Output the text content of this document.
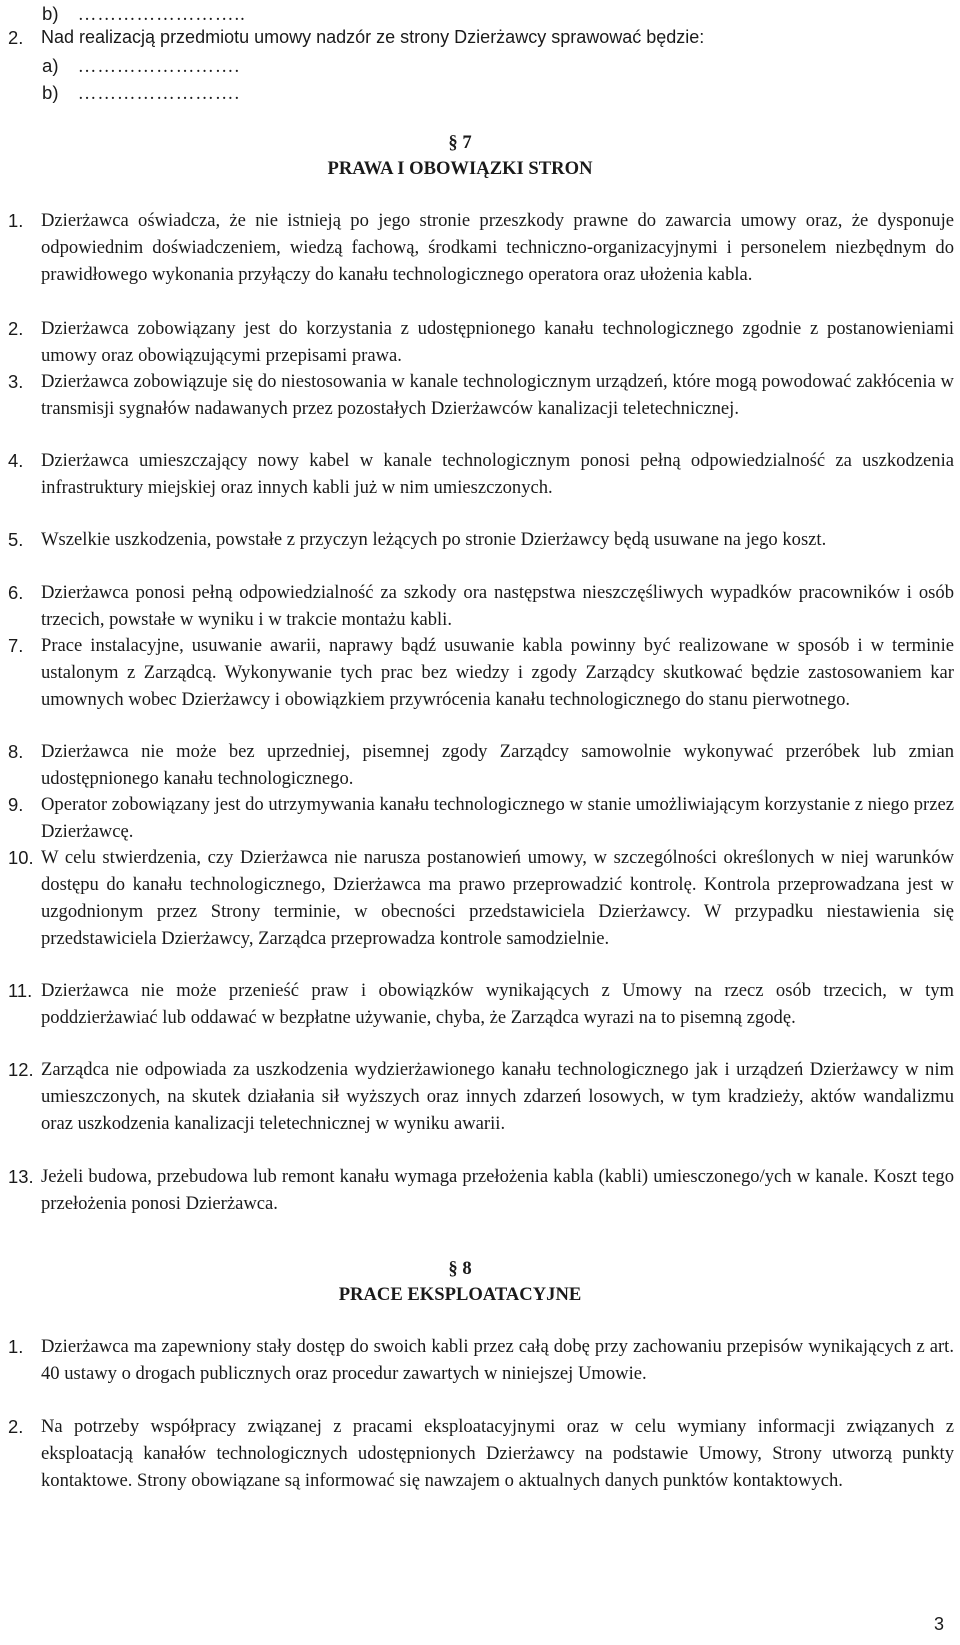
b) ……………………..
2. Nad realizacją przedmiotu umowy nadzór ze strony Dzierżawcy sprawować będzie:
a) …………………….
b) …………………….
§ 7
PRAWA I OBOWIĄZKI STRON
1. Dzierżawca oświadcza, że nie istnieją po jego stronie przeszkody prawne do zawarcia umowy oraz, że dysponuje odpowiednim doświadczeniem, wiedzą fachową, środkami techniczno-organizacyjnymi i personelem niezbędnym do prawidłowego wykonania przyłączy do kanału technologicznego operatora oraz ułożenia kabla.
2. Dzierżawca zobowiązany jest do korzystania z udostępnionego kanału technologicznego zgodnie z postanowieniami umowy oraz obowiązującymi przepisami prawa.
3. Dzierżawca zobowiązuje się do niestosowania w kanale technologicznym urządzeń, które mogą powodować zakłócenia w transmisji sygnałów nadawanych przez pozostałych Dzierżawców kanalizacji teletechnicznej.
4. Dzierżawca umieszczający nowy kabel w kanale technologicznym ponosi pełną odpowiedzialność za uszkodzenia infrastruktury miejskiej oraz innych kabli już w nim umieszczonych.
5. Wszelkie uszkodzenia, powstałe z przyczyn leżących po stronie Dzierżawcy będą usuwane na jego koszt.
6. Dzierżawca ponosi pełną odpowiedzialność za szkody ora następstwa nieszczęśliwych wypadków pracowników i osób trzecich, powstałe w wyniku i w trakcie montażu kabli.
7. Prace instalacyjne, usuwanie awarii, naprawy bądź usuwanie kabla powinny być realizowane w sposób i w terminie ustalonym z Zarządcą. Wykonywanie tych prac bez wiedzy i zgody Zarządcy skutkować będzie zastosowaniem kar umownych wobec Dzierżawcy i obowiązkiem przywrócenia kanału technologicznego do stanu pierwotnego.
8. Dzierżawca nie może bez uprzedniej, pisemnej zgody Zarządcy samowolnie wykonywać przeróbek lub zmian udostępnionego kanału technologicznego.
9. Operator zobowiązany jest do utrzymywania kanału technologicznego w stanie umożliwiającym korzystanie z niego przez Dzierżawcę.
10. W celu stwierdzenia, czy Dzierżawca nie narusza postanowień umowy, w szczególności określonych w niej warunków dostępu do kanału technologicznego, Dzierżawca ma prawo przeprowadzić kontrolę. Kontrola przeprowadzana jest w uzgodnionym przez Strony terminie, w obecności przedstawiciela Dzierżawcy. W przypadku niestawienia się przedstawiciela Dzierżawcy, Zarządca przeprowadza kontrole samodzielnie.
11. Dzierżawca nie może przenieść praw i obowiązków wynikających z Umowy na rzecz osób trzecich, w tym poddzierżawiać lub oddawać w bezpłatne używanie, chyba, że Zarządca wyrazi na to pisemną zgodę.
12. Zarządca nie odpowiada za uszkodzenia wydzierżawionego kanału technologicznego jak i urządzeń Dzierżawcy w nim umieszczonych, na skutek działania sił wyższych oraz innych zdarzeń losowych, w tym kradzieży, aktów wandalizmu oraz uszkodzenia kanalizacji teletechnicznej w wyniku awarii.
13. Jeżeli budowa, przebudowa lub remont kanału wymaga przełożenia kabla (kabli) umiesczonego/ych w kanale. Koszt tego przełożenia ponosi Dzierżawca.
§ 8
PRACE EKSPLOATACYJNE
1. Dzierżawca ma zapewniony stały dostęp do swoich kabli przez całą dobę przy zachowaniu przepisów wynikających z art. 40 ustawy o drogach publicznych oraz procedur zawartych w niniejszej Umowie.
2. Na potrzeby współpracy związanej z pracami eksploatacyjnymi oraz w celu wymiany informacji związanych z eksploatacją kanałów technologicznych udostępnionych Dzierżawcy na podstawie Umowy, Strony utworzą punkty kontaktowe. Strony obowiązane są informować się nawzajem o aktualnych danych punktów kontaktowych.
3
